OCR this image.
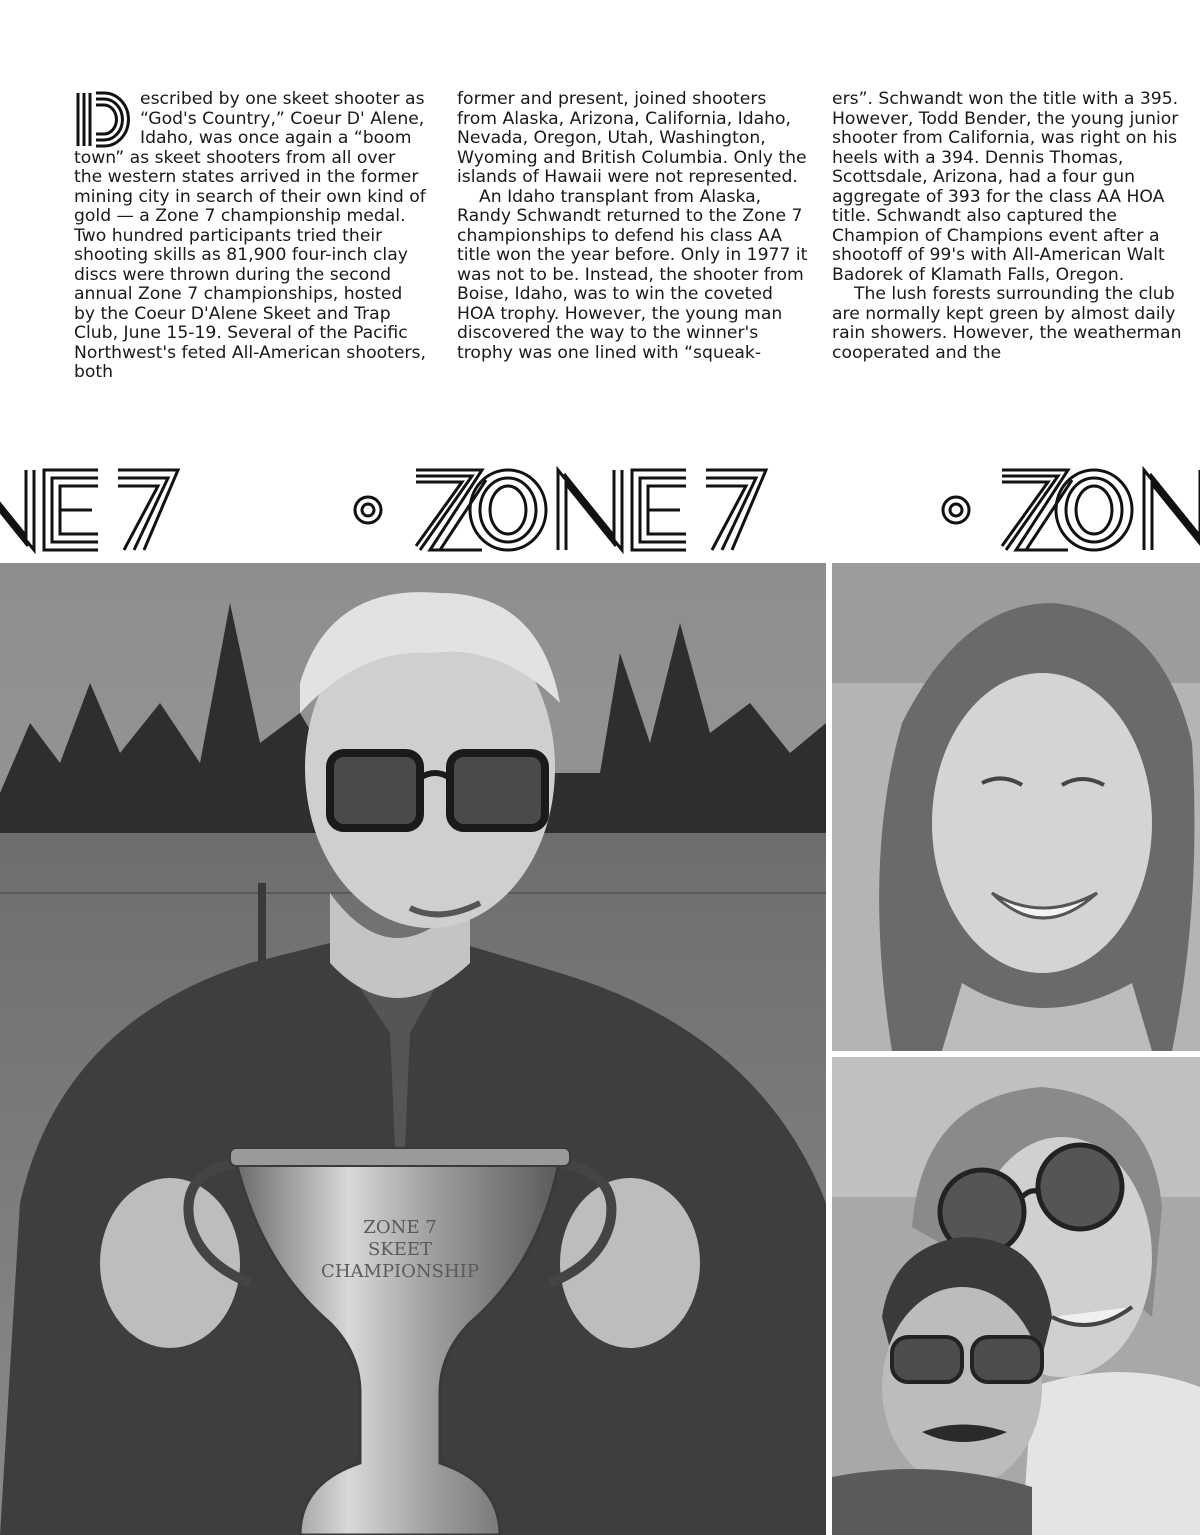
escribed by one skeet shooter as “God's Country,” Coeur D' Alene, Idaho, was once again a “boom town” as skeet shooters from all over the western states arrived in the former mining city in search of their own kind of gold — a Zone 7 championship medal. Two hundred participants tried their shooting skills as 81,900 four-inch clay discs were thrown during the second annual Zone 7 championships, hosted by the Coeur D'Alene Skeet and Trap Club, June 15-19. Several of the Pacific Northwest's feted All-American shooters, both

former and present, joined shooters from Alaska, Arizona, California, Idaho, Nevada, Oregon, Utah, Washington, Wyoming and British Columbia. Only the islands of Hawaii were not represented.

An Idaho transplant from Alaska, Randy Schwandt returned to the Zone 7 championships to defend his class AA title won the year before. Only in 1977 it was not to be. Instead, the shooter from Boise, Idaho, was to win the coveted HOA trophy. However, the young man discovered the way to the winner's trophy was one lined with “squeak-

ers”. Schwandt won the title with a 395. However, Todd Bender, the young junior shooter from California, was right on his heels with a 394. Dennis Thomas, Scottsdale, Arizona, had a four gun aggregate of 393 for the class AA HOA title. Schwandt also captured the Champion of Champions event after a shootoff of 99's with All-American Walt Badorek of Klamath Falls, Oregon.

The lush forests surrounding the club are normally kept green by almost daily rain showers. However, the weatherman cooperated and the

ZONE 7
SKEET
CHAMPIONSHIP
